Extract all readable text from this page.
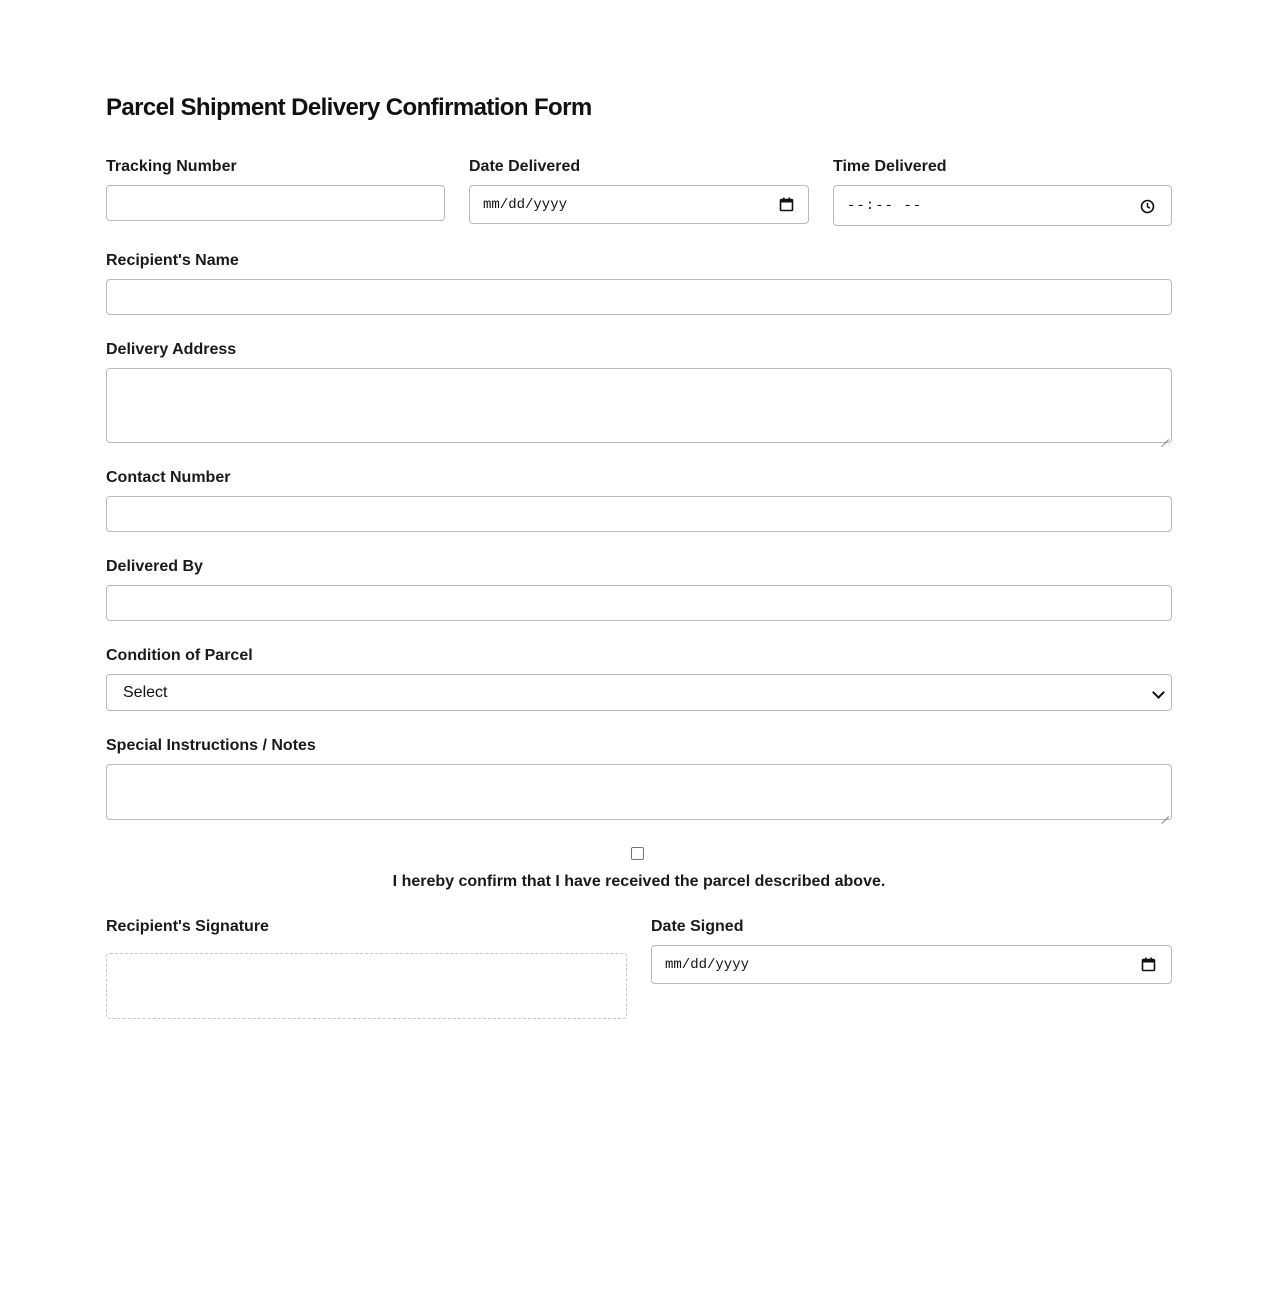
Parcel Shipment Delivery Confirmation Form
Tracking Number	Date Delivered
mm/dd/yyyy
Time Delivered
--:-- --
Recipient's Name
Delivery Address
Contact Number
Delivered By
Condition of Parcel
Select
Special Instructions / Notes
I hereby confirm that I have received the parcel described above.
Recipient's Signature	Date Signed
mm/dd/yyyy
